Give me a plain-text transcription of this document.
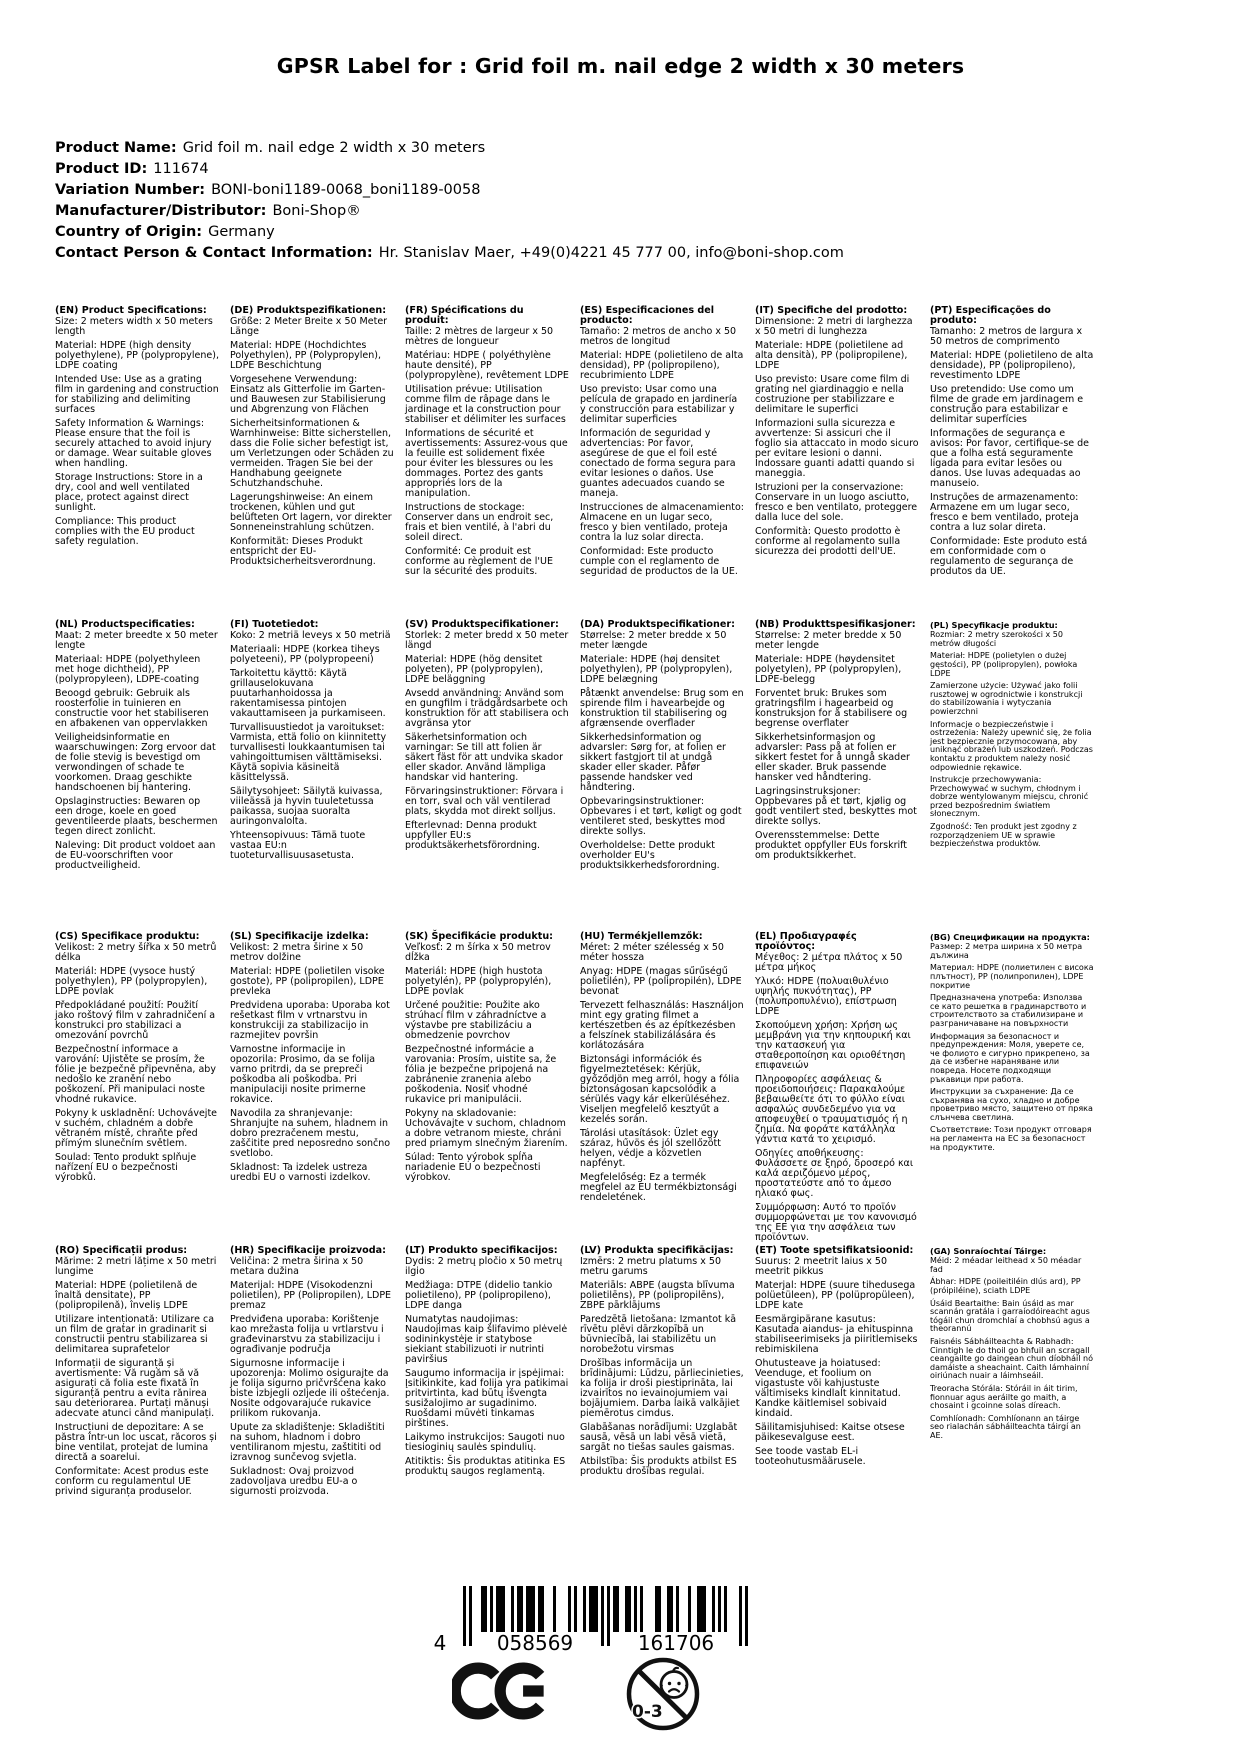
GPSR Label for : Grid foil m. nail edge 2 width x 30 meters
Product Name: Grid foil m. nail edge 2 width x 30 meters
Product ID: 111674
Variation Number: BONI-boni1189-0068_boni1189-0058
Manufacturer/Distributor: Boni-Shop®
Country of Origin: Germany
Contact Person & Contact Information: Hr. Stanislav Maer, +49(0)4221 45 777 00, info@boni-shop.com
(EN) Product Specifications:

Size: 2 meters width x 50 meters length

Material: HDPE (high density polyethylene), PP (polypropylene), LDPE coating

Intended Use: Use as a grating film in gardening and construction for stabilizing and delimiting surfaces

Safety Information & Warnings: Please ensure that the foil is securely attached to avoid injury or damage. Wear suitable gloves when handling.

Storage Instructions: Store in a dry, cool and well ventilated place, protect against direct sunlight.

Compliance: This product complies with the EU product safety regulation.

(DE) Produktspezifikationen:

Größe: 2 Meter Breite x 50 Meter Länge

Material: HDPE (Hochdichtes Polyethylen), PP (Polypropylen), LDPE Beschichtung

Vorgesehene Verwendung: Einsatz als Gitterfolie im Garten- und Bauwesen zur Stabilisierung und Abgrenzung von Flächen

Sicherheitsinformationen & Warnhinweise: Bitte sicherstellen, dass die Folie sicher befestigt ist, um Verletzungen oder Schäden zu vermeiden. Tragen Sie bei der Handhabung geeignete Schutzhandschuhe.

Lagerungshinweise: An einem trockenen, kühlen und gut belüfteten Ort lagern, vor direkter Sonneneinstrahlung schützen.

Konformität: Dieses Produkt entspricht der EU-Produktsicherheitsverordnung.

(FR) Spécifications du produit:

Taille: 2 mètres de largeur x 50 mètres de longueur

Matériau: HDPE ( polyéthylène haute densité), PP (polypropylène), revêtement LDPE

Utilisation prévue: Utilisation comme film de râpage dans le jardinage et la construction pour stabiliser et délimiter les surfaces

Informations de sécurité et avertissements: Assurez-vous que la feuille est solidement fixée pour éviter les blessures ou les dommages. Portez des gants appropriés lors de la manipulation.

Instructions de stockage: Conserver dans un endroit sec, frais et bien ventilé, à l'abri du soleil direct.

Conformité: Ce produit est conforme au règlement de l'UE sur la sécurité des produits.

(ES) Especificaciones del producto:

Tamaño: 2 metros de ancho x 50 metros de longitud

Material: HDPE (polietileno de alta densidad), PP (polipropileno), recubrimiento LDPE

Uso previsto: Usar como una película de grapado en jardinería y construcción para estabilizar y delimitar superficies

Información de seguridad y advertencias: Por favor, asegúrese de que el foil esté conectado de forma segura para evitar lesiones o daños. Use guantes adecuados cuando se maneja.

Instrucciones de almacenamiento: Almacene en un lugar seco, fresco y bien ventilado, proteja contra la luz solar directa.

Conformidad: Este producto cumple con el reglamento de seguridad de productos de la UE.

(IT) Specifiche del prodotto:

Dimensione: 2 metri di larghezza x 50 metri di lunghezza

Materiale: HDPE (polietilene ad alta densità), PP (polipropilene), LDPE

Uso previsto: Usare come film di grating nel giardinaggio e nella costruzione per stabilizzare e delimitare le superfici

Informazioni sulla sicurezza e avvertenze: Si assicuri che il foglio sia attaccato in modo sicuro per evitare lesioni o danni. Indossare guanti adatti quando si maneggia.

Istruzioni per la conservazione: Conservare in un luogo asciutto, fresco e ben ventilato, proteggere dalla luce del sole.

Conformità: Questo prodotto è conforme al regolamento sulla sicurezza dei prodotti dell'UE.

(PT) Especificações do produto:

Tamanho: 2 metros de largura x 50 metros de comprimento

Material: HDPE (polietileno de alta densidade), PP (polipropileno), revestimento LDPE

Uso pretendido: Use como um filme de grade em jardinagem e construção para estabilizar e delimitar superfícies

Informações de segurança e avisos: Por favor, certifique-se de que a folha está seguramente ligada para evitar lesões ou danos. Use luvas adequadas ao manuseio.

Instruções de armazenamento: Armazene em um lugar seco, fresco e bem ventilado, proteja contra a luz solar direta.

Conformidade: Este produto está em conformidade com o regulamento de segurança de produtos da UE.

(NL) Productspecificaties:

Maat: 2 meter breedte x 50 meter lengte

Materiaal: HDPE (polyethyleen met hoge dichtheid), PP (polypropyleen), LDPE-coating

Beoogd gebruik: Gebruik als roosterfolie in tuinieren en constructie voor het stabiliseren en afbakenen van oppervlakken

Veiligheidsinformatie en waarschuwingen: Zorg ervoor dat de folie stevig is bevestigd om verwondingen of schade te voorkomen. Draag geschikte handschoenen bij hantering.

Opslaginstructies: Bewaren op een droge, koele en goed geventileerde plaats, beschermen tegen direct zonlicht.

Naleving: Dit product voldoet aan de EU-voorschriften voor productveiligheid.

(FI) Tuotetiedot:

Koko: 2 metriä leveys x 50 metriä

Materiaali: HDPE (korkea tiheys polyeteeni), PP (polypropeeni)

Tarkoitettu käyttö: Käytä grillauselokuvana puutarhanhoidossa ja rakentamisessa pintojen vakauttamiseen ja purkamiseen.

Turvallisuustiedot ja varoitukset: Varmista, että folio on kiinnitetty turvallisesti loukkaantumisen tai vahingoittumisen välttämiseksi. Käytä sopivia käsineitä käsittelyssä.

Säilytysohjeet: Säilytä kuivassa, viileässä ja hyvin tuuletetussa paikassa, suojaa suoralta auringonvalolta.

Yhteensopivuus: Tämä tuote vastaa EU:n tuoteturvallisuusasetusta.

(SV) Produktspecifikationer:

Storlek: 2 meter bredd x 50 meter längd

Material: HDPE (hög densitet polyeten), PP (polypropylen), LDPE beläggning

Avsedd användning: Använd som en gungfilm i trädgårdsarbete och konstruktion för att stabilisera och avgränsa ytor

Säkerhetsinformation och varningar: Se till att folien är säkert fäst för att undvika skador eller skador. Använd lämpliga handskar vid hantering.

Förvaringsinstruktioner: Förvara i en torr, sval och väl ventilerad plats, skydda mot direkt solljus.

Efterlevnad: Denna produkt uppfyller EU:s produktsäkerhetsförordning.

(DA) Produktspecifikationer:

Størrelse: 2 meter bredde x 50 meter længde

Materiale: HDPE (høj densitet polyethylen), PP (polypropylen), LDPE belægning

Påtænkt anvendelse: Brug som en spirende film i havearbejde og konstruktion til stabilisering og afgrænsende overflader

Sikkerhedsinformation og advarsler: Sørg for, at folien er sikkert fastgjort til at undgå skader eller skader. Påfør passende handsker ved håndtering.

Opbevaringsinstruktioner: Opbevares i et tørt, køligt og godt ventileret sted, beskyttes mod direkte sollys.

Overholdelse: Dette produkt overholder EU's produktsikkerhedsforordning.

(NB) Produkttspesifikasjoner:

Størrelse: 2 meter bredde x 50 meter lengde

Materiale: HDPE (høydensitet polyetylen), PP (polypropylen), LDPE-belegg

Forventet bruk: Brukes som gratringsfilm i hagearbeid og konstruksjon for å stabilisere og begrense overflater

Sikkerhetsinformasjon og advarsler: Pass på at folien er sikkert festet for å unngå skader eller skader. Bruk passende hansker ved håndtering.

Lagringsinstruksjoner: Oppbevares på et tørt, kjølig og godt ventilert sted, beskyttes mot direkte sollys.

Overensstemmelse: Dette produktet oppfyller EUs forskrift om produktsikkerhet.

(PL) Specyfikacje produktu:

Rozmiar: 2 metry szerokości x 50 metrów długości

Materiał: HDPE (polietylen o dużej gęstości), PP (polipropylen), powłoka LDPE

Zamierzone użycie: Używać jako folii rusztowej w ogrodnictwie i konstrukcji do stabilizowania i wytyczania powierzchni

Informacje o bezpieczeństwie i ostrzeżenia: Należy upewnić się, że folia jest bezpiecznie przymocowana, aby uniknąć obrażeń lub uszkodzeń. Podczas kontaktu z produktem należy nosić odpowiednie rękawice.

Instrukcje przechowywania: Przechowywać w suchym, chłodnym i dobrze wentylowanym miejscu, chronić przed bezpośrednim światłem słonecznym.

Zgodność: Ten produkt jest zgodny z rozporządzeniem UE w sprawie bezpieczeństwa produktów.

(CS) Specifikace produktu:

Velikost: 2 metry šířka x 50 metrů délka

Materiál: HDPE (vysoce hustý polyethylen), PP (polypropylen), LDPE povlak

Předpokládané použití: Použití jako roštový film v zahradničení a konstrukci pro stabilizaci a omezování povrchů

Bezpečnostní informace a varování: Ujistěte se prosím, že fólie je bezpečně připevněna, aby nedošlo ke zranění nebo poškození. Při manipulaci noste vhodné rukavice.

Pokyny k uskladnění: Uchovávejte v suchém, chladném a dobře větraném místě, chraňte před přímým slunečním světlem.

Soulad: Tento produkt splňuje nařízení EU o bezpečnosti výrobků.

(SL) Specifikacije izdelka:

Velikost: 2 metra širine x 50 metrov dolžine

Material: HDPE (polietilen visoke gostote), PP (polipropilen), LDPE prevleka

Predvidena uporaba: Uporaba kot rešetkast film v vrtnarstvu in konstrukciji za stabilizacijo in razmejitev površin

Varnostne informacije in opozorila: Prosimo, da se folija varno pritrdi, da se prepreči poškodba ali poškodba. Pri manipulaciji nosite primerne rokavice.

Navodila za shranjevanje: Shranjujte na suhem, hladnem in dobro prezračenem mestu, zaščitite pred neposredno sončno svetlobo.

Skladnost: Ta izdelek ustreza uredbi EU o varnosti izdelkov.

(SK) Špecifikácie produktu:

Veľkosť: 2 m šírka x 50 metrov dĺžka

Materiál: HDPE (high hustota polyetylén), PP (polypropylén), LDPE povlak

Určené použitie: Použite ako strúhací film v záhradníctve a výstavbe pre stabilizáciu a obmedzenie povrchov

Bezpečnostné informácie a varovania: Prosím, uistite sa, že fólia je bezpečne pripojená na zabránenie zranenia alebo poškodenia. Nosiť vhodné rukavice pri manipulácii.

Pokyny na skladovanie: Uchovávajte v suchom, chladnom a dobre vetranom mieste, chráni pred priamym slnečným žiarením.

Súlad: Tento výrobok spĺňa nariadenie EÚ o bezpečnosti výrobkov.

(HU) Termékjellemzők:

Méret: 2 méter szélesség x 50 méter hossza

Anyag: HDPE (magas sűrűségű polietilén), PP (polipropilén), LDPE bevonat

Tervezett felhasználás: Használjon mint egy grating filmet a kertészetben és az építkezésben a felszínek stabilizálására és korlátozására

Biztonsági információk és figyelmeztetések: Kérjük, győződjön meg arról, hogy a fólia biztonságosan kapcsolódik a sérülés vagy kár elkerüléséhez. Viseljen megfelelő kesztyűt a kezelés során.

Tárolási utasítások: Üzlet egy száraz, hűvös és jól szellőzött helyen, védje a közvetlen napfényt.

Megfelelőség: Ez a termék megfelel az EU termékbiztonsági rendeletének.

(EL) Προδιαγραφές προϊόντος:

Μέγεθος: 2 μέτρα πλάτος x 50 μέτρα μήκος

Υλικό: HDPE (πολυαιθυλένιο υψηλής πυκνότητας), PP (πολυπροπυλένιο), επίστρωση LDPE

Σκοπούμενη χρήση: Χρήση ως μεμβράνη για την κηπουρική και την κατασκευή για σταθεροποίηση και οριοθέτηση επιφανειών

Πληροφορίες ασφάλειας & προειδοποιήσεις: Παρακαλούμε βεβαιωθείτε ότι το φύλλο είναι ασφαλώς συνδεδεμένο για να αποφευχθεί ο τραυματισμός ή η ζημία. Να φοράτε κατάλληλα γάντια κατά το χειρισμό.

Οδηγίες αποθήκευσης: Φυλάσσετε σε ξηρό, δροσερό και καλά αεριζόμενο μέρος, προστατεύστε από το άμεσο ηλιακό φως.

Συμμόρφωση: Αυτό το προϊόν συμμορφώνεται με τον κανονισμό της ΕΕ για την ασφάλεια των προϊόντων.

(BG) Спецификации на продукта:

Размер: 2 метра ширина x 50 метра дължина

Материал: HDPE (полиетилен с висока плътност), PP (полипропилен), LDPE покритие

Предназначена употреба: Използва се като решетка в градинарството и строителството за стабилизиране и разграничаване на повърхности

Информация за безопасност и предупреждения: Моля, уверете се, че фолиото е сигурно прикрепено, за да се избегне нараняване или повреда. Носете подходящи ръкавици при работа.

Инструкции за съхранение: Да се съхранява на сухо, хладно и добре проветриво място, защитено от пряка слънчева светлина.

Съответствие: Този продукт отговаря на регламента на ЕС за безопасност на продуктите.

(RO) Specificații produs:

Mărime: 2 metri lățime x 50 metri lungime

Material: HDPE (polietilenă de înaltă densitate), PP (polipropilenă), înveliș LDPE

Utilizare intenționată: Utilizare ca un film de gratar in gradinarit si constructii pentru stabilizarea si delimitarea suprafetelor

Informații de siguranță și avertismente: Vă rugăm să vă asigurați că folia este fixată în siguranță pentru a evita rănirea sau deteriorarea. Purtați mănuși adecvate atunci când manipulați.

Instrucțiuni de depozitare: A se păstra într-un loc uscat, răcoros și bine ventilat, protejat de lumina directă a soarelui.

Conformitate: Acest produs este conform cu regulamentul UE privind siguranța produselor.

(HR) Specifikacije proizvoda:

Veličina: 2 metra širina x 50 metara dužina

Materijal: HDPE (Visokodenzni polietilen), PP (Polipropilen), LDPE premaz

Predviđena uporaba: Korištenje kao mrežasta folija u vrtlarstvu i građevinarstvu za stabilizaciju i ograđivanje područja

Sigurnosne informacije i upozorenja: Molimo osigurajte da je folija sigurno pričvršćena kako biste izbjegli ozljede ili oštećenja. Nosite odgovarajuće rukavice prilikom rukovanja.

Upute za skladištenje: Skladištiti na suhom, hladnom i dobro ventiliranom mjestu, zaštititi od izravnog sunčevog svjetla.

Sukladnost: Ovaj proizvod zadovoljava uredbu EU-a o sigurnosti proizvoda.

(LT) Produkto specifikacijos:

Dydis: 2 metrų pločio x 50 metrų ilgio

Medžiaga: DTPE (didelio tankio polietileno), PP (polipropileno), LDPE danga

Numatytas naudojimas: Naudojimas kaip šlifavimo plėvelė sodininkystėje ir statybose siekiant stabilizuoti ir nutrinti paviršius

Saugumo informacija ir įspėjimai: Įsitikinkite, kad folija yra patikimai pritvirtinta, kad būtų išvengta susižalojimo ar sugadinimo. Ruošdami mūvėti tinkamas pirštines.

Laikymo instrukcijos: Saugoti nuo tiesioginių saulės spindulių.

Atitiktis: Šis produktas atitinka ES produktų saugos reglamentą.

(LV) Produkta specifikācijas:

Izmērs: 2 metru platums x 50 metru garums

Materiāls: ABPE (augsta blīvuma polietilēns), PP (polipropilēns), ZBPE pārklājums

Paredzētā lietošana: Izmantot kā rīvētu plēvi dārzkopībā un būvniecībā, lai stabilizētu un norobežotu virsmas

Drošības informācija un brīdinājumi: Lūdzu, pārliecinieties, ka folija ir droši piestiprināta, lai izvairītos no ievainojumiem vai bojājumiem. Darba laikā valkājiet piemērotus cimdus.

Glabāšanas norādījumi: Uzglabāt sausā, vēsā un labi vēsā vietā, sargāt no tiešas saules gaismas.

Atbilstība: Šis produkts atbilst ES produktu drošības regulai.

(ET) Toote spetsifikatsioonid:

Suurus: 2 meetrit laius x 50 meetrit pikkus

Materjal: HDPE (suure tihedusega polüetüleen), PP (polüpropüleen), LDPE kate

Eesmärgipärane kasutus: Kasutada aiandus- ja ehituspinna stabiliseerimiseks ja piiritlemiseks rebimiskilena

Ohutusteave ja hoiatused: Veenduge, et foolium on vigastuste või kahjustuste vältimiseks kindlalt kinnitatud. Kandke käitlemisel sobivaid kindaid.

Säilitamisjuhised: Kaitse otsese päikesevalguse eest.

See toode vastab EL-i tooteohutusmäärusele.

(GA) Sonraíochtaí Táirge:

Méid: 2 méadar leithead x 50 méadar fad

Ábhar: HDPE (poileitiléin dlús ard), PP (próipiléine), sciath LDPE

Úsáid Beartaithe: Bain úsáid as mar scannán gratála i garraíodóireacht agus tógáil chun dromchlaí a chobhsú agus a theorannú

Faisnéis Sábháilteachta & Rabhadh: Cinntigh le do thoil go bhfuil an scragall ceangailte go daingean chun díobháil nó damáiste a sheachaint. Caith lámhainní oiriúnach nuair a láimhseáil.

Treoracha Stórála: Stóráil in áit tirim, fionnuar agus aeráilte go maith, a chosaint i gcoinne solas díreach.

Comhlíonadh: Comhlíonann an táirge seo rialachán sábháilteachta táirgí an AE.

4	058569	161706
0-3
